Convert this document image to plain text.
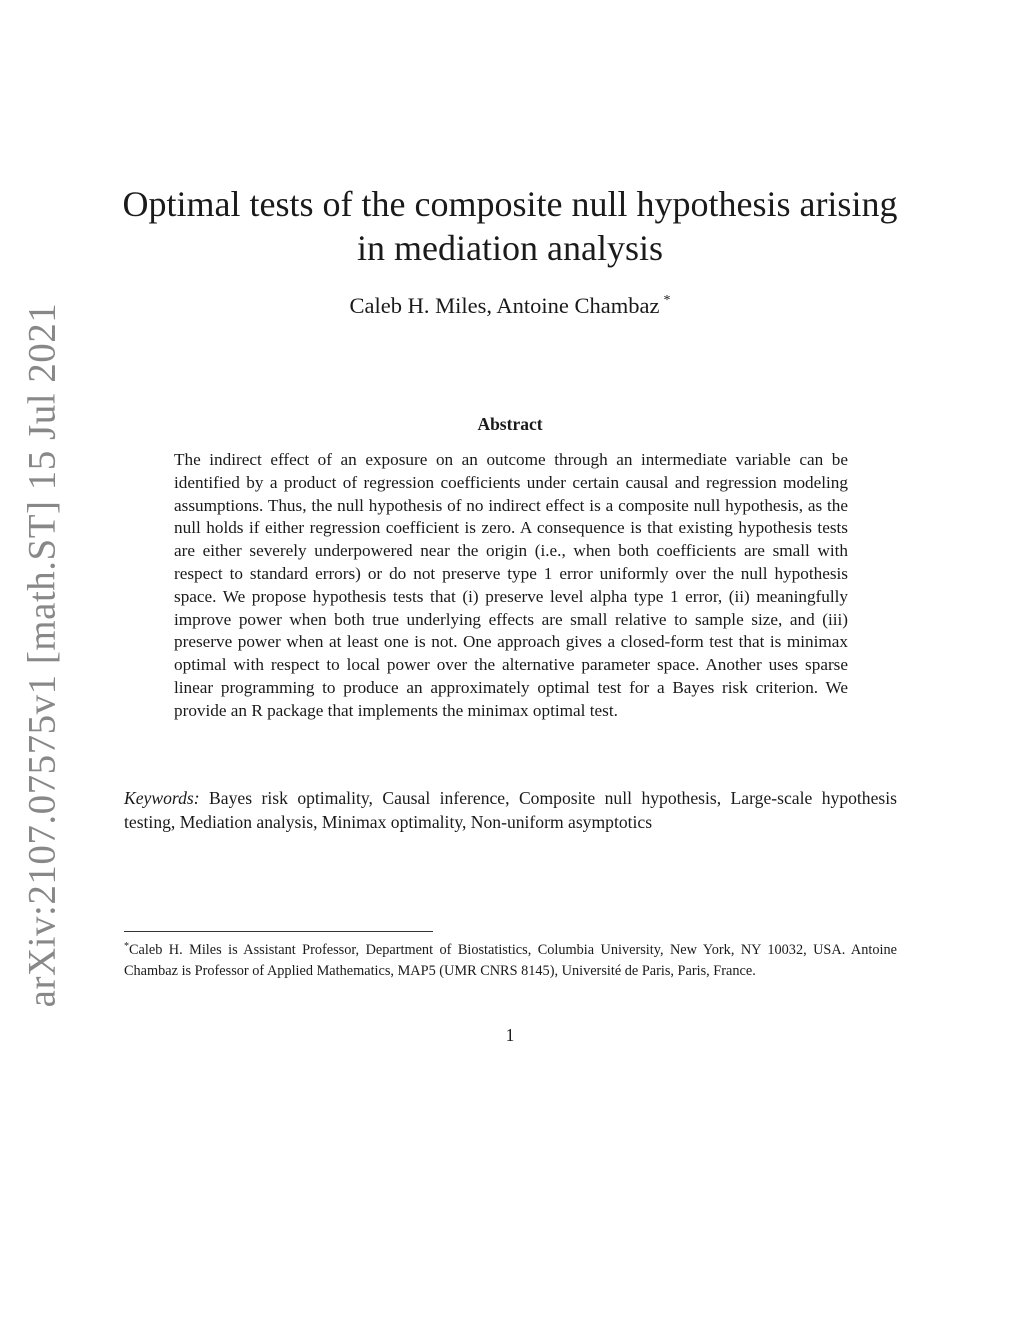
arXiv:2107.07575v1 [math.ST] 15 Jul 2021
Optimal tests of the composite null hypothesis arising
in mediation analysis
Caleb H. Miles, Antoine Chambaz *
Abstract

The indirect effect of an exposure on an outcome through an intermediate variable can be identified by a product of regression coefficients under certain causal and regression modeling assumptions. Thus, the null hypothesis of no indirect effect is a composite null hypothesis, as the null holds if either regression coefficient is zero. A consequence is that existing hypothesis tests are either severely underpowered near the origin (i.e., when both coefficients are small with respect to standard errors) or do not preserve type 1 error uniformly over the null hypothesis space. We propose hypothesis tests that (i) preserve level alpha type 1 error, (ii) meaningfully improve power when both true underlying effects are small relative to sample size, and (iii) preserve power when at least one is not. One approach gives a closed-form test that is minimax optimal with respect to local power over the alternative parameter space. Another uses sparse linear programming to produce an approximately optimal test for a Bayes risk criterion. We provide an R package that implements the minimax optimal test.

Keywords: Bayes risk optimality, Causal inference, Composite null hypothesis, Large-scale hypothesis testing, Mediation analysis, Minimax optimality, Non-uniform asymptotics
*Caleb H. Miles is Assistant Professor, Department of Biostatistics, Columbia University, New York, NY 10032, USA. Antoine Chambaz is Professor of Applied Mathematics, MAP5 (UMR CNRS 8145), Université de Paris, Paris, France.
1
